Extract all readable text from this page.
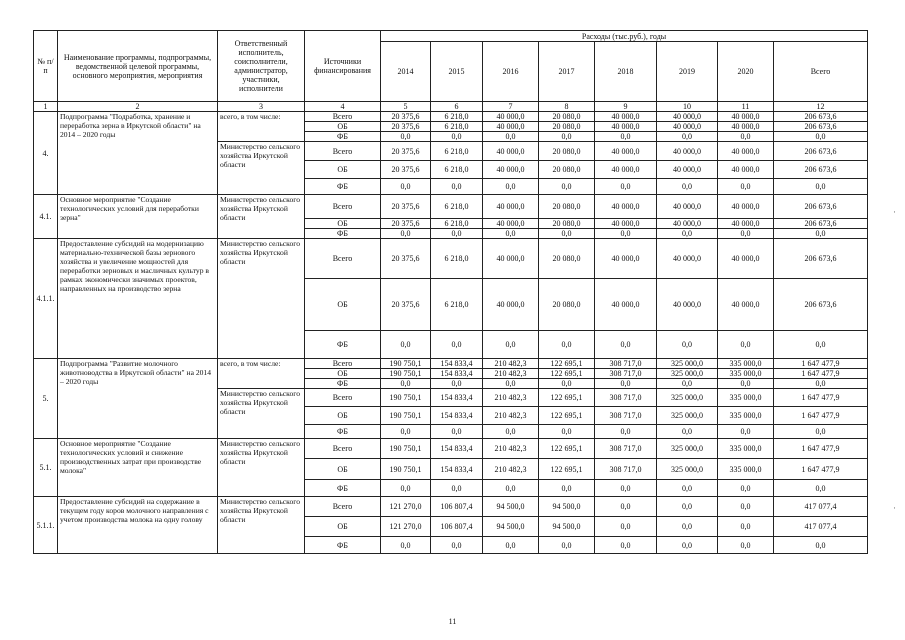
№ п/п	Наименование программы, подпрограммы, ведомственной целевой программы, основного мероприятия, мероприятия	Ответственный исполнитель, соисполнители, администратор, участники, исполнители	Источники финансирования	Расходы (тыс.руб.), годы							
				2014	2015	2016	2017	2018	2019	2020	Всего
1	2	3	4	5	6	7	8	9	10	11	12
4.	Подпрограмма "Подработка, хранение и переработка зерна в Иркутской области" на 2014 – 2020 годы	всего, в том числе:	Всего	20 375,6	6 218,0	40 000,0	20 080,0	40 000,0	40 000,0	40 000,0	206 673,6
			ОБ	20 375,6	6 218,0	40 000,0	20 080,0	40 000,0	40 000,0	40 000,0	206 673,6
			ФБ	0,0	0,0	0,0	0,0	0,0	0,0	0,0	0,0
		Министерство сельского хозяйства Иркутской области	Всего	20 375,6	6 218,0	40 000,0	20 080,0	40 000,0	40 000,0	40 000,0	206 673,6
			ОБ	20 375,6	6 218,0	40 000,0	20 080,0	40 000,0	40 000,0	40 000,0	206 673,6
			ФБ	0,0	0,0	0,0	0,0	0,0	0,0	0,0	0,0
4.1.	Основное мероприятие "Создание технологических условий для переработки зерна"	Министерство сельского хозяйства Иркутской области	Всего	20 375,6	6 218,0	40 000,0	20 080,0	40 000,0	40 000,0	40 000,0	206 673,6
			ОБ	20 375,6	6 218,0	40 000,0	20 080,0	40 000,0	40 000,0	40 000,0	206 673,6
			ФБ	0,0	0,0	0,0	0,0	0,0	0,0	0,0	0,0
4.1.1.	Предоставление субсидий на модернизацию материально-технической базы зернового хозяйства и увеличение мощностей для переработки зерновых и масличных культур в рамках экономически значимых проектов, направленных на производство зерна	Министерство сельского хозяйства Иркутской области	Всего	20 375,6	6 218,0	40 000,0	20 080,0	40 000,0	40 000,0	40 000,0	206 673,6
			ОБ	20 375,6	6 218,0	40 000,0	20 080,0	40 000,0	40 000,0	40 000,0	206 673,6
			ФБ	0,0	0,0	0,0	0,0	0,0	0,0	0,0	0,0
5.	Подпрограмма "Развитие молочного животноводства в Иркутской области" на 2014 – 2020 годы	всего, в том числе:	Всего	190 750,1	154 833,4	210 482,3	122 695,1	308 717,0	325 000,0	335 000,0	1 647 477,9
			ОБ	190 750,1	154 833,4	210 482,3	122 695,1	308 717,0	325 000,0	335 000,0	1 647 477,9
			ФБ	0,0	0,0	0,0	0,0	0,0	0,0	0,0	0,0
		Министерство сельского хозяйства Иркутской области	Всего	190 750,1	154 833,4	210 482,3	122 695,1	308 717,0	325 000,0	335 000,0	1 647 477,9
			ОБ	190 750,1	154 833,4	210 482,3	122 695,1	308 717,0	325 000,0	335 000,0	1 647 477,9
			ФБ	0,0	0,0	0,0	0,0	0,0	0,0	0,0	0,0
5.1.	Основное мероприятие "Создание технологических условий и снижение производственных затрат при производстве молока"	Министерство сельского хозяйства Иркутской области	Всего	190 750,1	154 833,4	210 482,3	122 695,1	308 717,0	325 000,0	335 000,0	1 647 477,9
			ОБ	190 750,1	154 833,4	210 482,3	122 695,1	308 717,0	325 000,0	335 000,0	1 647 477,9
			ФБ	0,0	0,0	0,0	0,0	0,0	0,0	0,0	0,0
5.1.1.	Предоставление субсидий на содержание в текущем году коров молочного направления с учетом производства молока на одну голову	Министерство сельского хозяйства Иркутской области	Всего	121 270,0	106 807,4	94 500,0	94 500,0	0,0	0,0	0,0	417 077,4
			ОБ	121 270,0	106 807,4	94 500,0	94 500,0	0,0	0,0	0,0	417 077,4
			ФБ	0,0	0,0	0,0	0,0	0,0	0,0	0,0	0,0
11
·
·
